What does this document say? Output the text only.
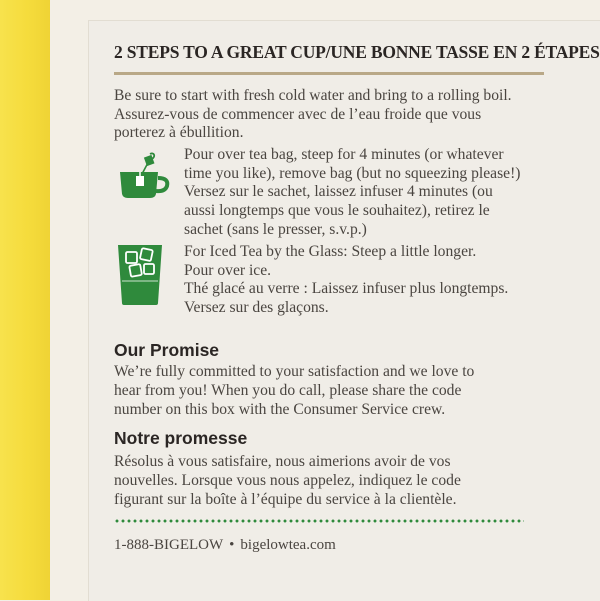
2 STEPS TO A GREAT CUP/UNE BONNE TASSE EN 2 ÉTAPES

Be sure to start with fresh cold water and bring to a rolling boil.
Assurez-vous de commencer avec de l’eau froide que vous
porterez à ébullition.

Pour over tea bag, steep for 4 minutes (or whatever
time you like), remove bag (but no squeezing please!)
Versez sur le sachet, laissez infuser 4 minutes (ou
aussi longtemps que vous le souhaitez), retirez le
sachet (sans le presser, s.v.p.)

For Iced Tea by the Glass: Steep a little longer.
Pour over ice.
Thé glacé au verre : Laissez infuser plus longtemps.
Versez sur des glaçons.

Our Promise

We’re fully committed to your satisfaction and we love to
hear from you! When you do call, please share the code
number on this box with the Consumer Service crew.

Notre promesse

Résolus à vous satisfaire, nous aimerions avoir de vos
nouvelles. Lorsque vous nous appelez, indiquez le code
figurant sur la boîte à l’équipe du service à la clientèle.

1-888-BIGELOW • bigelowtea.com
